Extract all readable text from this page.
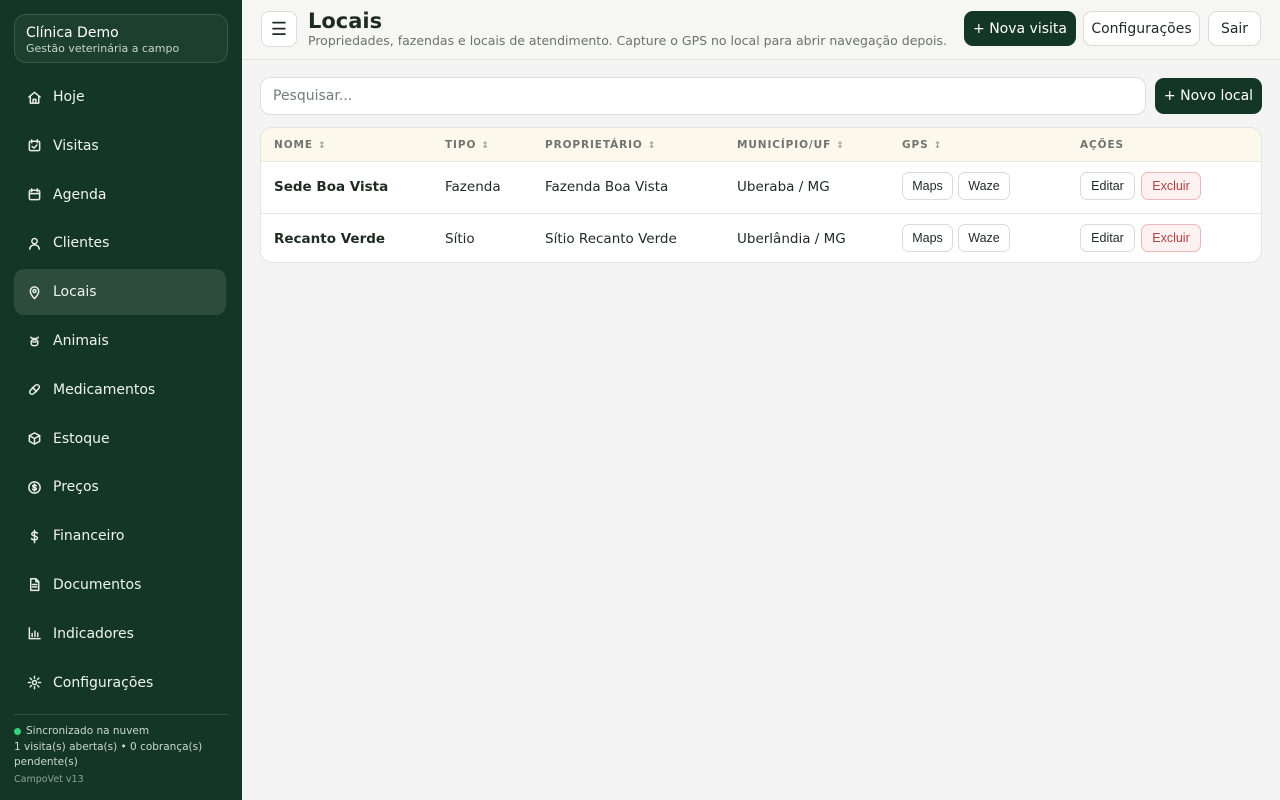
Clínica Demo
Gestão veterinária a campo
Hoje
Visitas
Agenda
Clientes
Locais
Animais
Medicamentos
Estoque
Preços
Financeiro
Documentos
Indicadores
Configurações
Sincronizado na nuvem
1 visita(s) aberta(s) • 0 cobrança(s) pendente(s)
CampoVet v13
☰ Locais
Propriedades, fazendas e locais de atendimento. Capture o GPS no local para abrir navegação depois.
+ Nova visita	Configurações	Sair
Pesquisar...
+ Novo local
NOME ↕	TIPO ↕	PROPRIETÁRIO ↕	MUNICÍPIO/UF ↕	GPS ↕	AÇÕES
Sede Boa Vista	Fazenda	Fazenda Boa Vista	Uberaba / MG	Maps	Waze	Editar	Excluir
Recanto Verde	Sítio	Sítio Recanto Verde	Uberlândia / MG	Maps	Waze	Editar	Excluir
